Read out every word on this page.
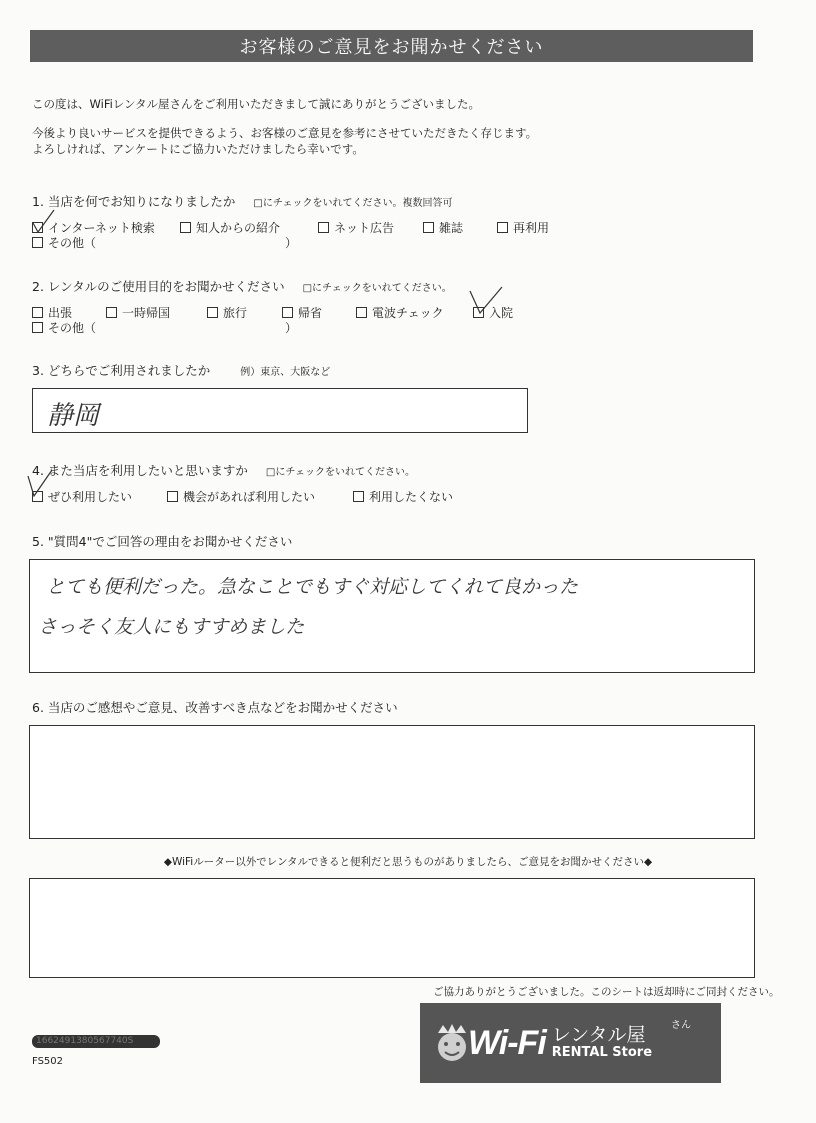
お客様のご意見をお聞かせください
この度は、WiFiレンタル屋さんをご利用いただきまして誠にありがとうございました。
今後より良いサービスを提供できるよう、お客様のご意見を参考にさせていただきたく存じます。
よろしければ、アンケートにご協力いただけましたら幸いです。
1. 当店を何でお知りになりましたか □にチェックをいれてください。複数回答可
インターネット検索	知人からの紹介	ネット広告	雑誌	再利用
その他（	）
2. レンタルのご使用目的をお聞かせください □にチェックをいれてください。
出張	一時帰国	旅行	帰省	電波チェック	入院
その他（	）
3. どちらでご利用されましたか	例）東京、大阪など
静岡
4. また当店を利用したいと思いますか □にチェックをいれてください。
ぜひ利用したい	機会があれば利用したい	利用したくない
5. "質問4"でご回答の理由をお聞かせください
とても便利だった。急なことでもすぐ対応してくれて良かった
さっそく友人にもすすめました
6. 当店のご感想やご意見、改善すべき点などをお聞かせください
◆WiFiルーター以外でレンタルできると便利だと思うものがありましたら、ご意見をお聞かせください◆
ご協力ありがとうございました。このシートは返却時にご同封ください。
1662491380567740S
FS502	Wi-Fi レンタル屋
RENTAL Store
さん
